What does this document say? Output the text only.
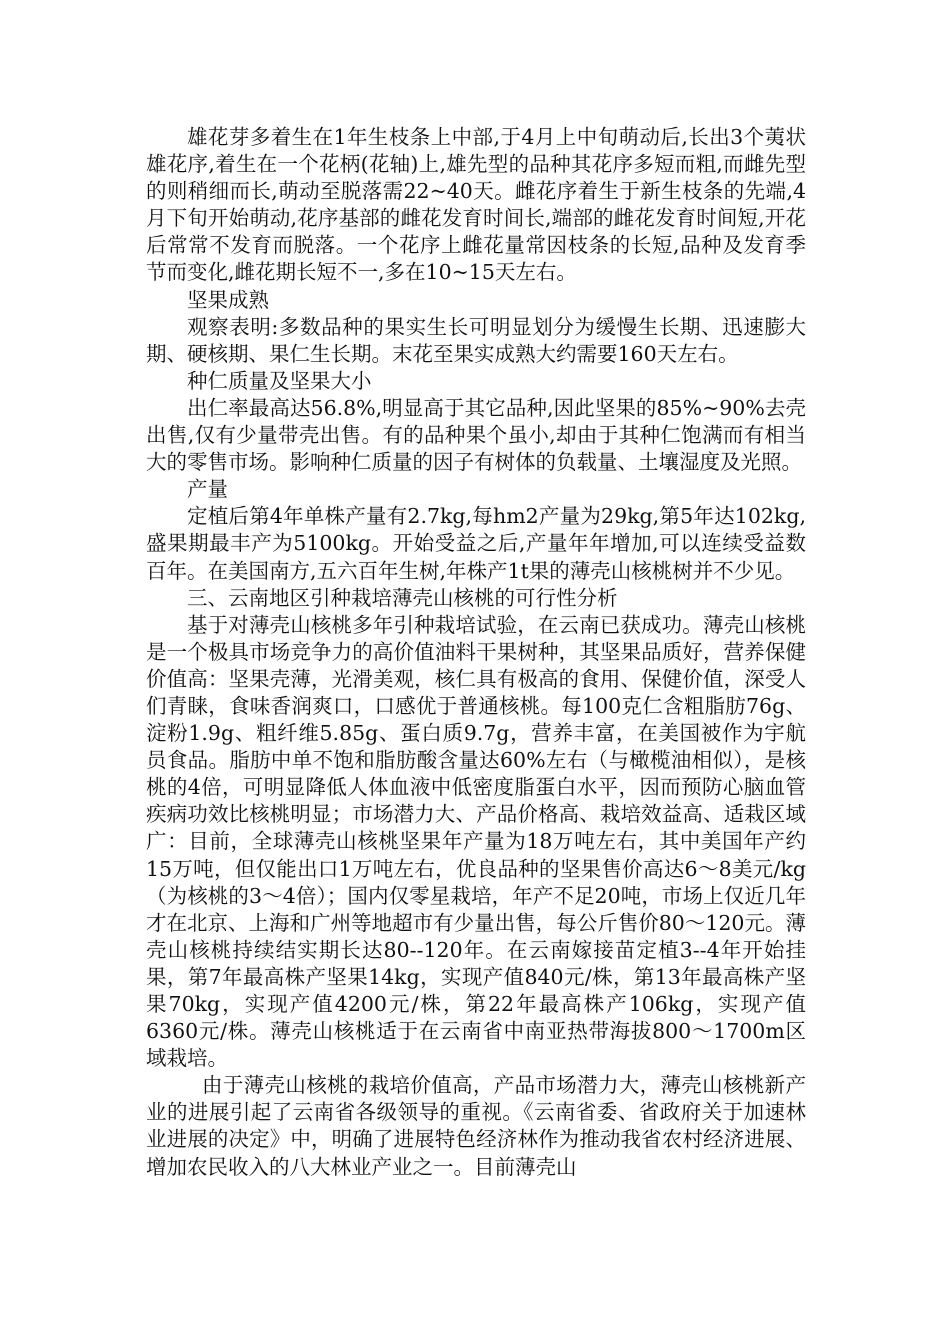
雄花芽多着生在1年生枝条上中部,于4月上中旬萌动后,长出3个荑状雄花序,着生在一个花柄(花轴)上,雄先型的品种其花序多短而粗,而雌先型的则稍细而长,萌动至脱落需22~40天。雌花序着生于新生枝条的先端,4月下旬开始萌动,花序基部的雌花发育时间长,端部的雌花发育时间短,开花后常常不发育而脱落。一个花序上雌花量常因枝条的长短,品种及发育季节而变化,雌花期长短不一,多在10~15天左右。

坚果成熟

观察表明:多数品种的果实生长可明显划分为缓慢生长期、迅速膨大期、硬核期、果仁生长期。末花至果实成熟大约需要160天左右。

种仁质量及坚果大小

出仁率最高达56.8%,明显高于其它品种,因此坚果的85%~90%去壳出售,仅有少量带壳出售。有的品种果个虽小,却由于其种仁饱满而有相当大的零售市场。影响种仁质量的因子有树体的负载量、土壤湿度及光照。

产量

定植后第4年单株产量有2.7kg,每hm2产量为29kg,第5年达102kg,盛果期最丰产为5100kg。开始受益之后,产量年年增加,可以连续受益数百年。在美国南方,五六百年生树,年株产1t果的薄壳山核桃树并不少见。

三、云南地区引种栽培薄壳山核桃的可行性分析

基于对薄壳山核桃多年引种栽培试验，在云南已获成功。薄壳山核桃是一个极具市场竞争力的高价值油料干果树种，其坚果品质好，营养保健价值高：坚果壳薄，光滑美观，核仁具有极高的食用、保健价值，深受人们青睐，食味香润爽口，口感优于普通核桃。每100克仁含粗脂肪76g、淀粉1.9g、粗纤维5.85g、蛋白质9.7g，营养丰富，在美国被作为宇航员食品。脂肪中单不饱和脂肪酸含量达60%左右（与橄榄油相似），是核桃的4倍，可明显降低人体血液中低密度脂蛋白水平，因而预防心脑血管疾病功效比核桃明显；市场潜力大、产品价格高、栽培效益高、适栽区域广：目前，全球薄壳山核桃坚果年产量为18万吨左右，其中美国年产约15万吨，但仅能出口1万吨左右，优良品种的坚果售价高达6～8美元/kg（为核桃的3～4倍）；国内仅零星栽培，年产不足20吨，市场上仅近几年才在北京、上海和广州等地超市有少量出售，每公斤售价80～120元。薄壳山核桃持续结实期长达80--120年。在云南嫁接苗定植3--4年开始挂果，第7年最高株产坚果14kg，实现产值840元/株，第13年最高株产坚果70kg，实现产值4200元/株，第22年最高株产106kg，实现产值6360元/株。薄壳山核桃适于在云南省中南亚热带海拔800～1700m区域栽培。

由于薄壳山核桃的栽培价值高，产品市场潜力大，薄壳山核桃新产业的进展引起了云南省各级领导的重视。《云南省委、省政府关于加速林业进展的决定》中，明确了进展特色经济林作为推动我省农村经济进展、增加农民收入的八大林业产业之一。目前薄壳山
